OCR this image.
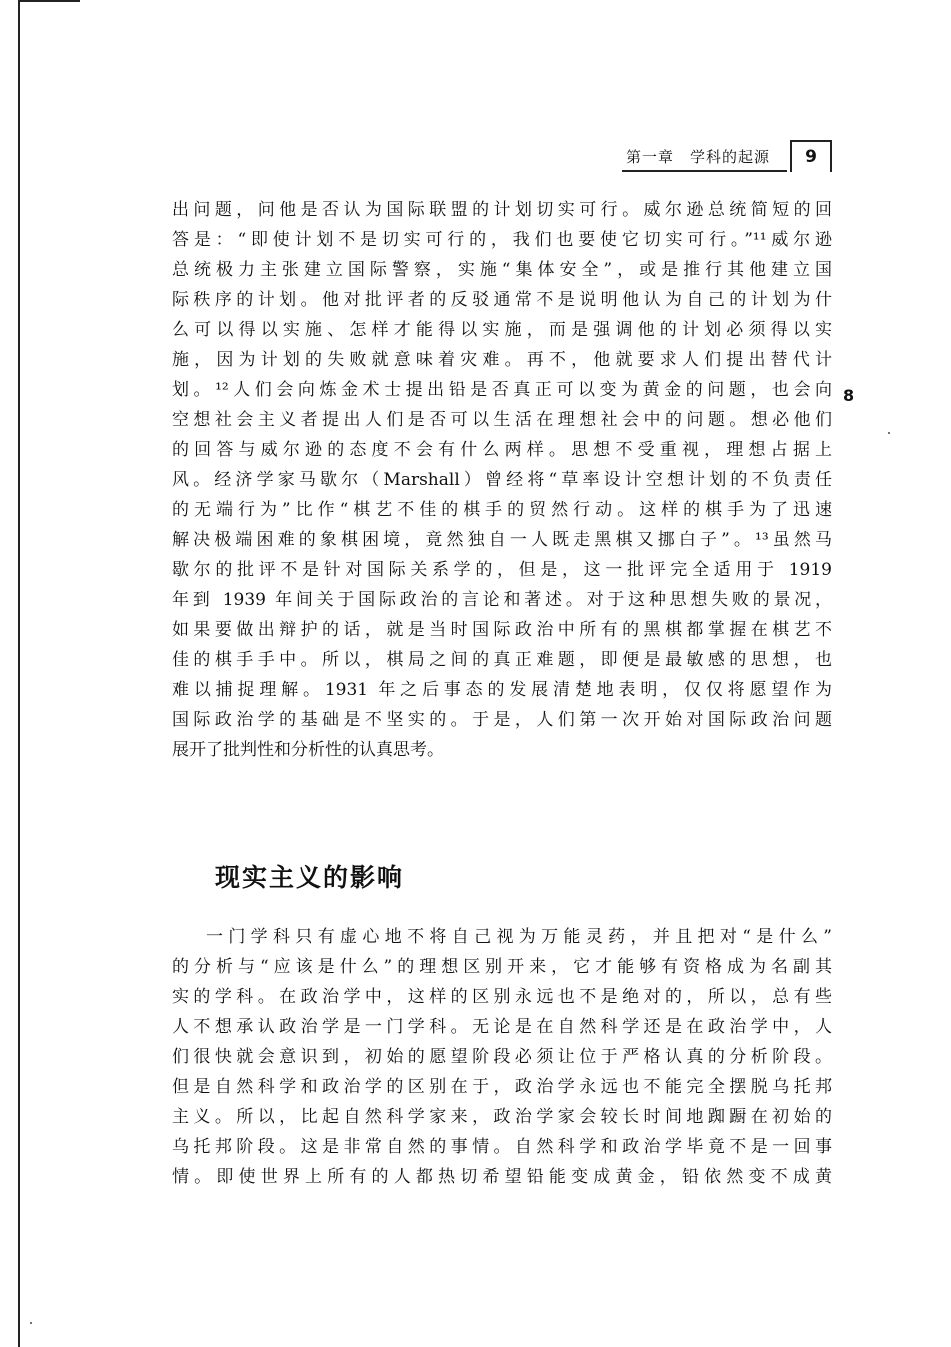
第一章　学科的起源	9
8
出问题，问他是否认为国际联盟的计划切实可行。威尔逊总统简短的回
答是：“即使计划不是切实可行的，我们也要使它切实可行。”¹¹威尔逊
总统极力主张建立国际警察，实施“集体安全”，或是推行其他建立国
际秩序的计划。他对批评者的反驳通常不是说明他认为自己的计划为什
么可以得以实施、怎样才能得以实施，而是强调他的计划必须得以实
施，因为计划的失败就意味着灾难。再不，他就要求人们提出替代计
划。¹²人们会向炼金术士提出铅是否真正可以变为黄金的问题，也会向
空想社会主义者提出人们是否可以生活在理想社会中的问题。想必他们
的回答与威尔逊的态度不会有什么两样。思想不受重视，理想占据上
风。经济学家马歇尔（Marshall）曾经将“草率设计空想计划的不负责任
的无端行为”比作“棋艺不佳的棋手的贸然行动。这样的棋手为了迅速
解决极端困难的象棋困境，竟然独自一人既走黑棋又挪白子”。¹³虽然马
歇尔的批评不是针对国际关系学的，但是，这一批评完全适用于 1919
年到 1939 年间关于国际政治的言论和著述。对于这种思想失败的景况，
如果要做出辩护的话，就是当时国际政治中所有的黑棋都掌握在棋艺不
佳的棋手手中。所以，棋局之间的真正难题，即便是最敏感的思想，也
难以捕捉理解。1931 年之后事态的发展清楚地表明，仅仅将愿望作为
国际政治学的基础是不坚实的。于是，人们第一次开始对国际政治问题
展开了批判性和分析性的认真思考。
现实主义的影响
一门学科只有虚心地不将自己视为万能灵药，并且把对“是什么”
的分析与“应该是什么”的理想区别开来，它才能够有资格成为名副其
实的学科。在政治学中，这样的区别永远也不是绝对的，所以，总有些
人不想承认政治学是一门学科。无论是在自然科学还是在政治学中，人
们很快就会意识到，初始的愿望阶段必须让位于严格认真的分析阶段。
但是自然科学和政治学的区别在于，政治学永远也不能完全摆脱乌托邦
主义。所以，比起自然科学家来，政治学家会较长时间地踟蹰在初始的
乌托邦阶段。这是非常自然的事情。自然科学和政治学毕竟不是一回事
情。即使世界上所有的人都热切希望铅能变成黄金，铅依然变不成黄
